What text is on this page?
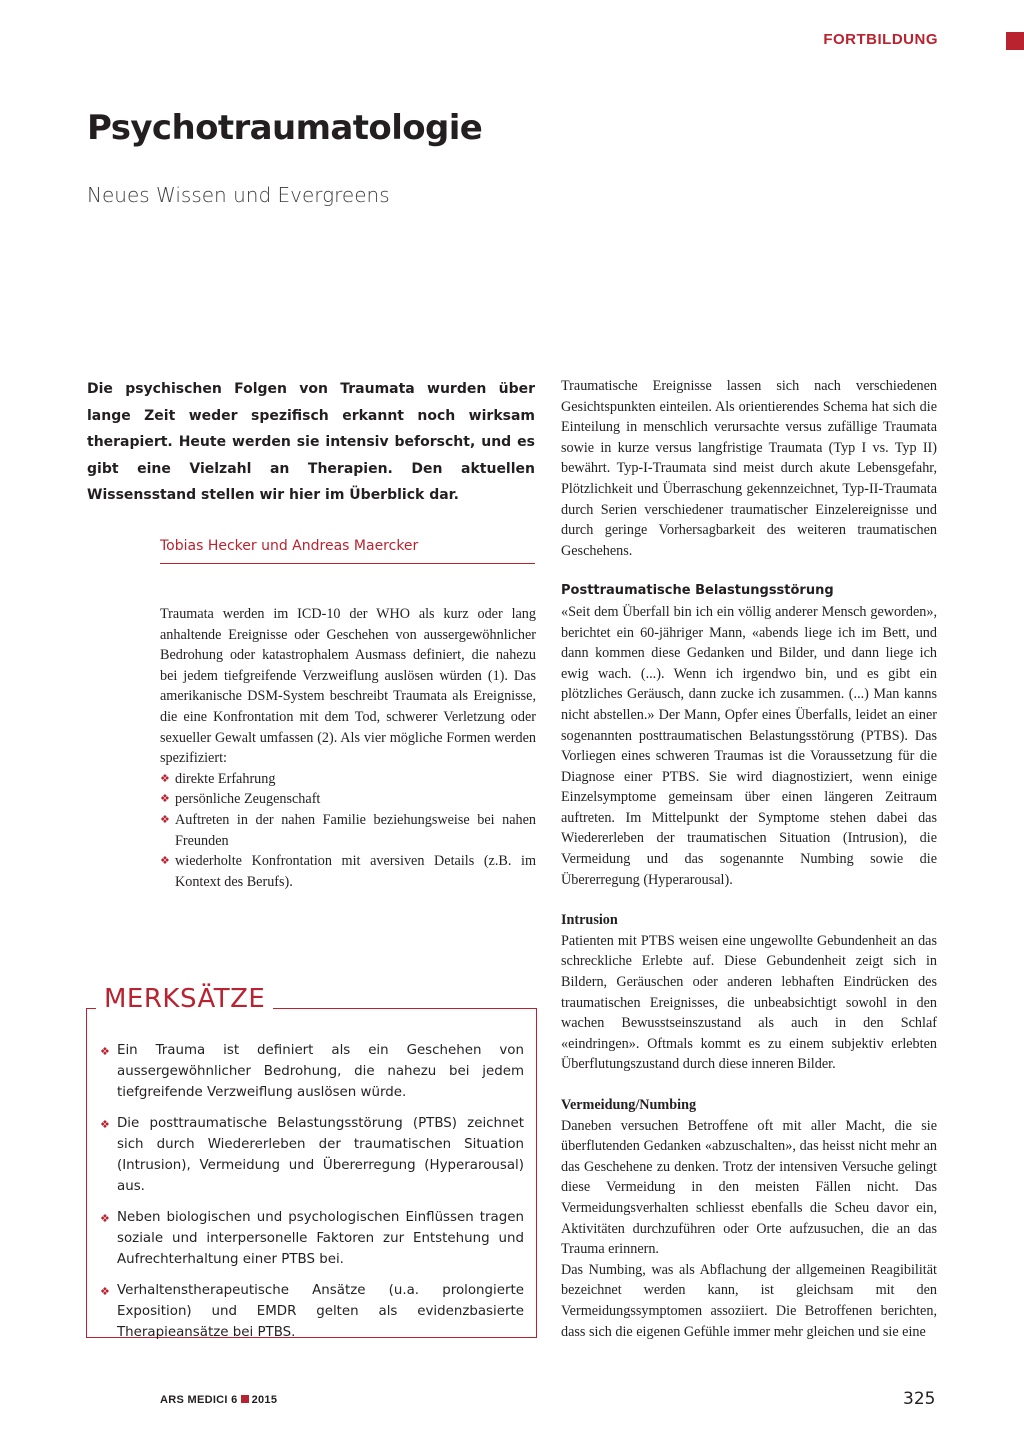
FORTBILDUNG
Psychotraumatologie
Neues Wissen und Evergreens
Die psychischen Folgen von Traumata wurden über lange Zeit weder spezifisch erkannt noch wirksam therapiert. Heute werden sie intensiv beforscht, und es gibt eine Vielzahl an Therapien. Den aktuellen Wissensstand stellen wir hier im Überblick dar.
Tobias Hecker und Andreas Maercker

Traumata werden im ICD-10 der WHO als kurz oder lang anhaltende Ereignisse oder Geschehen von aussergewöhnlicher Bedrohung oder katastrophalem Ausmass definiert, die nahezu bei jedem tiefgreifende Verzweiflung auslösen würden (1). Das amerikanische DSM-System beschreibt Traumata als Ereignisse, die eine Konfrontation mit dem Tod, schwerer Verletzung oder sexueller Gewalt umfassen (2). Als vier mögliche Formen werden spezifiziert:

❖ direkte Erfahrung
❖ persönliche Zeugenschaft
❖ Auftreten in der nahen Familie beziehungsweise bei nahen Freunden
❖ wiederholte Konfrontation mit aversiven Details (z.B. im Kontext des Berufs).
MERKSÄTZE
❖ Ein Trauma ist definiert als ein Geschehen von aussergewöhnlicher Bedrohung, die nahezu bei jedem tiefgreifende Verzweiflung auslösen würde.
❖ Die posttraumatische Belastungsstörung (PTBS) zeichnet sich durch Wiedererleben der traumatischen Situation (Intrusion), Vermeidung und Übererregung (Hyperarousal) aus.
❖ Neben biologischen und psychologischen Einflüssen tragen soziale und interpersonelle Faktoren zur Entstehung und Aufrechterhaltung einer PTBS bei.
❖ Verhaltenstherapeutische Ansätze (u.a. prolongierte Exposition) und EMDR gelten als evidenzbasierte Therapieansätze bei PTBS.

Traumatische Ereignisse lassen sich nach verschiedenen Gesichtspunkten einteilen. Als orientierendes Schema hat sich die Einteilung in menschlich verursachte versus zufällige Traumata sowie in kurze versus langfristige Traumata (Typ I vs. Typ II) bewährt. Typ-I-Traumata sind meist durch akute Lebensgefahr, Plötzlichkeit und Überraschung gekennzeichnet, Typ-II-Traumata durch Serien verschiedener traumatischer Einzelereignisse und durch geringe Vorhersagbarkeit des weiteren traumatischen Geschehens.

Posttraumatische Belastungsstörung

«Seit dem Überfall bin ich ein völlig anderer Mensch geworden», berichtet ein 60-jähriger Mann, «abends liege ich im Bett, und dann kommen diese Gedanken und Bilder, und dann liege ich ewig wach. (...). Wenn ich irgendwo bin, und es gibt ein plötzliches Geräusch, dann zucke ich zusammen. (...) Man kanns nicht abstellen.» Der Mann, Opfer eines Überfalls, leidet an einer sogenannten posttraumatischen Belastungsstörung (PTBS). Das Vorliegen eines schweren Traumas ist die Voraussetzung für die Diagnose einer PTBS. Sie wird diagnostiziert, wenn einige Einzelsymptome gemeinsam über einen längeren Zeitraum auftreten. Im Mittelpunkt der Symptome stehen dabei das Wiedererleben der traumatischen Situation (Intrusion), die Vermeidung und das sogenannte Numbing sowie die Übererregung (Hyperarousal).

Intrusion

Patienten mit PTBS weisen eine ungewollte Gebundenheit an das schreckliche Erlebte auf. Diese Gebundenheit zeigt sich in Bildern, Geräuschen oder anderen lebhaften Eindrücken des traumatischen Ereignisses, die unbeabsichtigt sowohl in den wachen Bewusstseinszustand als auch in den Schlaf «eindringen». Oftmals kommt es zu einem subjektiv erlebten Überflutungszustand durch diese inneren Bilder.

Vermeidung/Numbing

Daneben versuchen Betroffene oft mit aller Macht, die sie überflutenden Gedanken «abzuschalten», das heisst nicht mehr an das Geschehene zu denken. Trotz der intensiven Versuche gelingt diese Vermeidung in den meisten Fällen nicht. Das Vermeidungsverhalten schliesst ebenfalls die Scheu davor ein, Aktivitäten durchzuführen oder Orte aufzusuchen, die an das Trauma erinnern.

Das Numbing, was als Abflachung der allgemeinen Reagibilität bezeichnet werden kann, ist gleichsam mit den Vermeidungssymptomen assoziiert. Die Betroffenen berichten, dass sich die eigenen Gefühle immer mehr gleichen und sie eine

ARS MEDICI 6 2015	325
